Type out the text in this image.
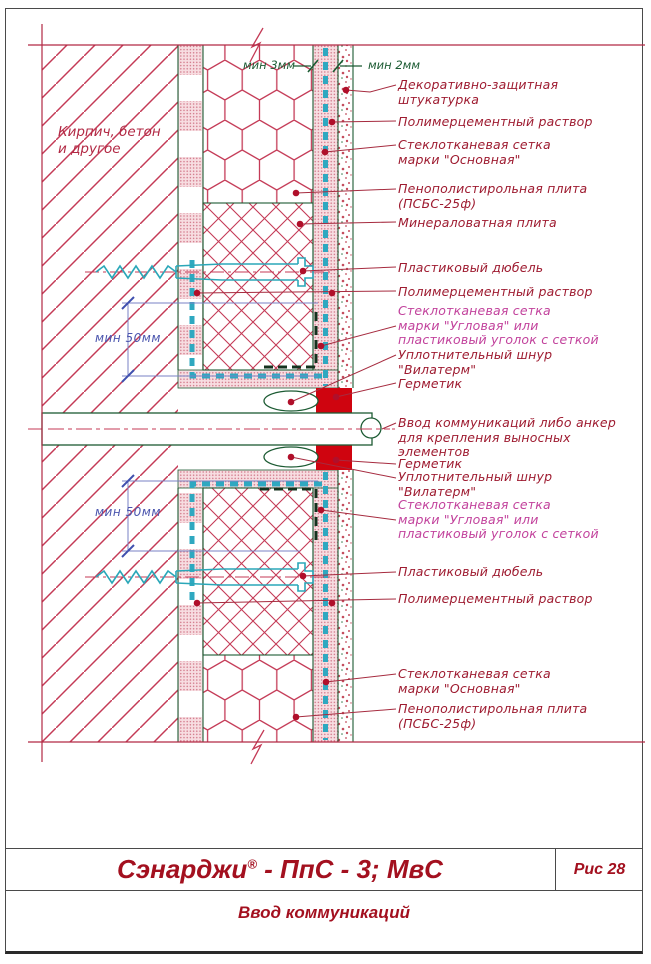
Кирпич, бетон
и другое
мин 3мм	мин 2мм
мин 50мм
мин 50мм
Декоративно-защитная
штукатурка
Полимерцементный раствор
Стеклотканевая сетка
марки "Основная"
Пенополистирольная плита
(ПСБС-25ф)
Минераловатная плита
Пластиковый дюбель
Полимерцементный раствор
Стеклотканевая сетка
марки "Угловая" или
пластиковый уголок с сеткой
Уплотнительный шнур
"Вилатерм"
Герметик
Ввод коммуникаций либо анкер
для крепления выносных
элементов
Герметик
Уплотнительный шнур
"Вилатерм"
Стеклотканевая сетка
марки "Угловая" или
пластиковый уголок с сеткой
Пластиковый дюбель
Полимерцементный раствор
Стеклотканевая сетка
марки "Основная"
Пенополистирольная плита
(ПСБС-25ф)
Сэнарджи® - ПпС - 3; МвС	Рис 28
Ввод коммуникаций
